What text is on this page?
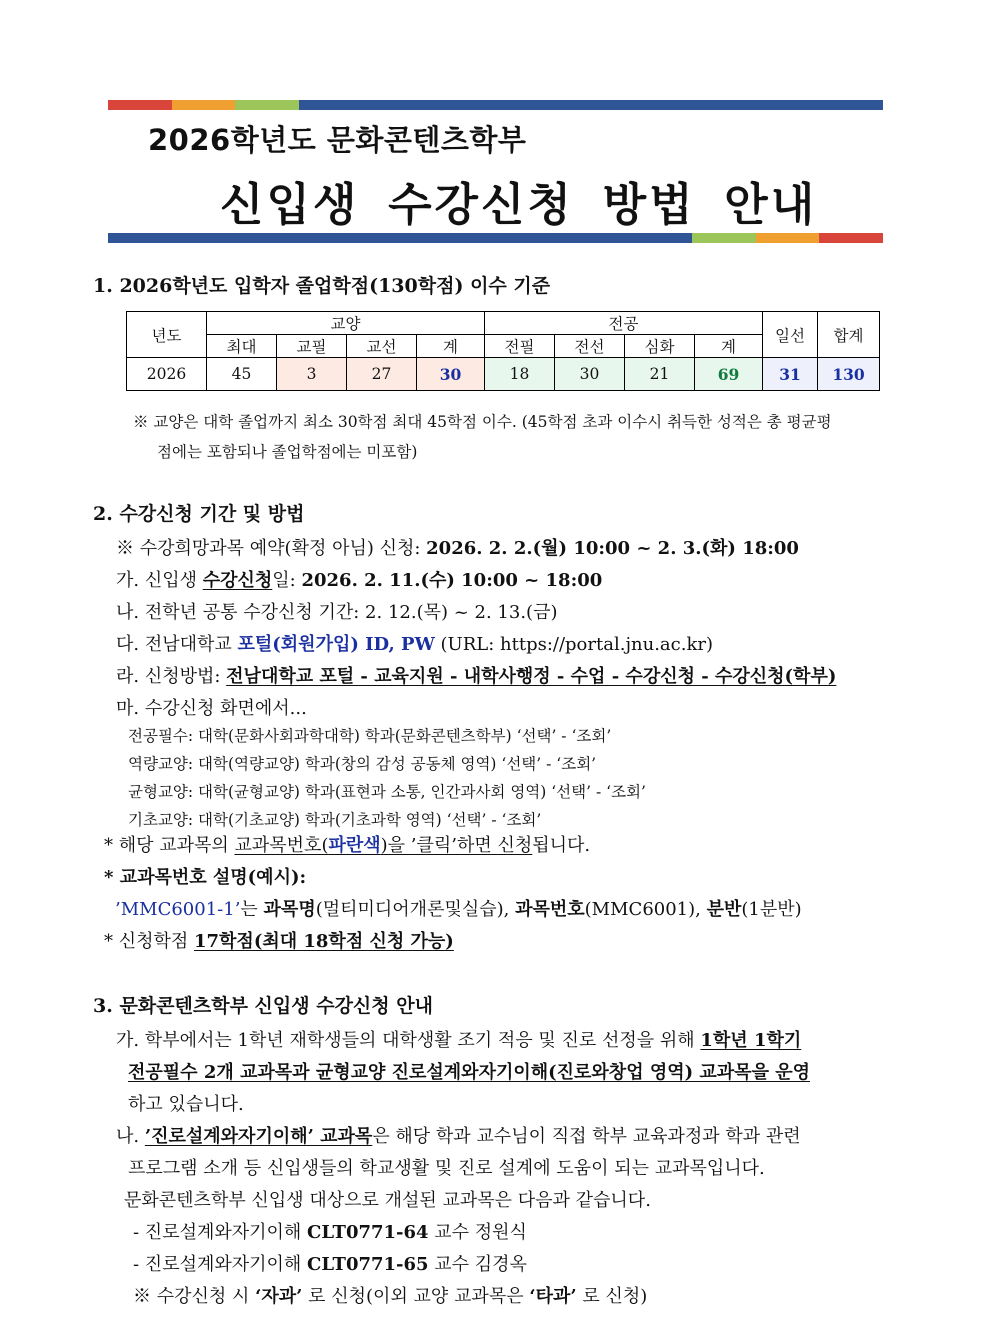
2026학년도 문화콘텐츠학부
신입생 수강신청 방법 안내
1. 2026학년도 입학자 졸업학점(130학점) 이수 기준
년도	교양				전공				일선	합계
	최대	교필	교선	계	전필	전선	심화	계		
2026	45	3	27	30	18	30	21	69	31	130
※ 교양은 대학 졸업까지 최소 30학점 최대 45학점 이수. (45학점 초과 이수시 취득한 성적은 총 평균평
점에는 포함되나 졸업학점에는 미포함)
2. 수강신청 기간 및 방법
※ 수강희망과목 예약(확정 아님) 신청: 2026. 2. 2.(월) 10:00 ~ 2. 3.(화) 18:00
가. 신입생 수강신청일: 2026. 2. 11.(수) 10:00 ~ 18:00
나. 전학년 공통 수강신청 기간: 2. 12.(목) ~ 2. 13.(금)
다. 전남대학교 포털(회원가입) ID, PW (URL: https://portal.jnu.ac.kr)
라. 신청방법: 전남대학교 포털 - 교육지원 - 내학사행정 - 수업 - 수강신청 - 수강신청(학부)
마. 수강신청 화면에서...
전공필수: 대학(문화사회과학대학) 학과(문화콘텐츠학부) ‘선택’ - ‘조회’
역량교양: 대학(역량교양) 학과(창의 감성 공동체 영역) ‘선택’ - ‘조회’
균형교양: 대학(균형교양) 학과(표현과 소통, 인간과사회 영역) ‘선택’ - ‘조회’
기초교양: 대학(기초교양) 학과(기초과학 영역) ‘선택’ - ‘조회’
* 해당 교과목의 교과목번호(파란색)을 ’클릭’하면 신청됩니다.
* 교과목번호 설명(예시):
’MMC6001-1’는 과목명(멀티미디어개론및실습), 과목번호(MMC6001), 분반(1분반)
* 신청학점 17학점(최대 18학점 신청 가능)
3. 문화콘텐츠학부 신입생 수강신청 안내
가. 학부에서는 1학년 재학생들의 대학생활 조기 적응 및 진로 선정을 위해 1학년 1학기
전공필수 2개 교과목과 균형교양 진로설계와자기이해(진로와창업 영역) 교과목을 운영
하고 있습니다.
나. ’진로설계와자기이해’ 교과목은 해당 학과 교수님이 직접 학부 교육과정과 학과 관련
프로그램 소개 등 신입생들의 학교생활 및 진로 설계에 도움이 되는 교과목입니다.
문화콘텐츠학부 신입생 대상으로 개설된 교과목은 다음과 같습니다.
- 진로설계와자기이해 CLT0771-64 교수 정원식
- 진로설계와자기이해 CLT0771-65 교수 김경옥
※ 수강신청 시 ‘자과’ 로 신청(이외 교양 교과목은 ‘타과’ 로 신청)
